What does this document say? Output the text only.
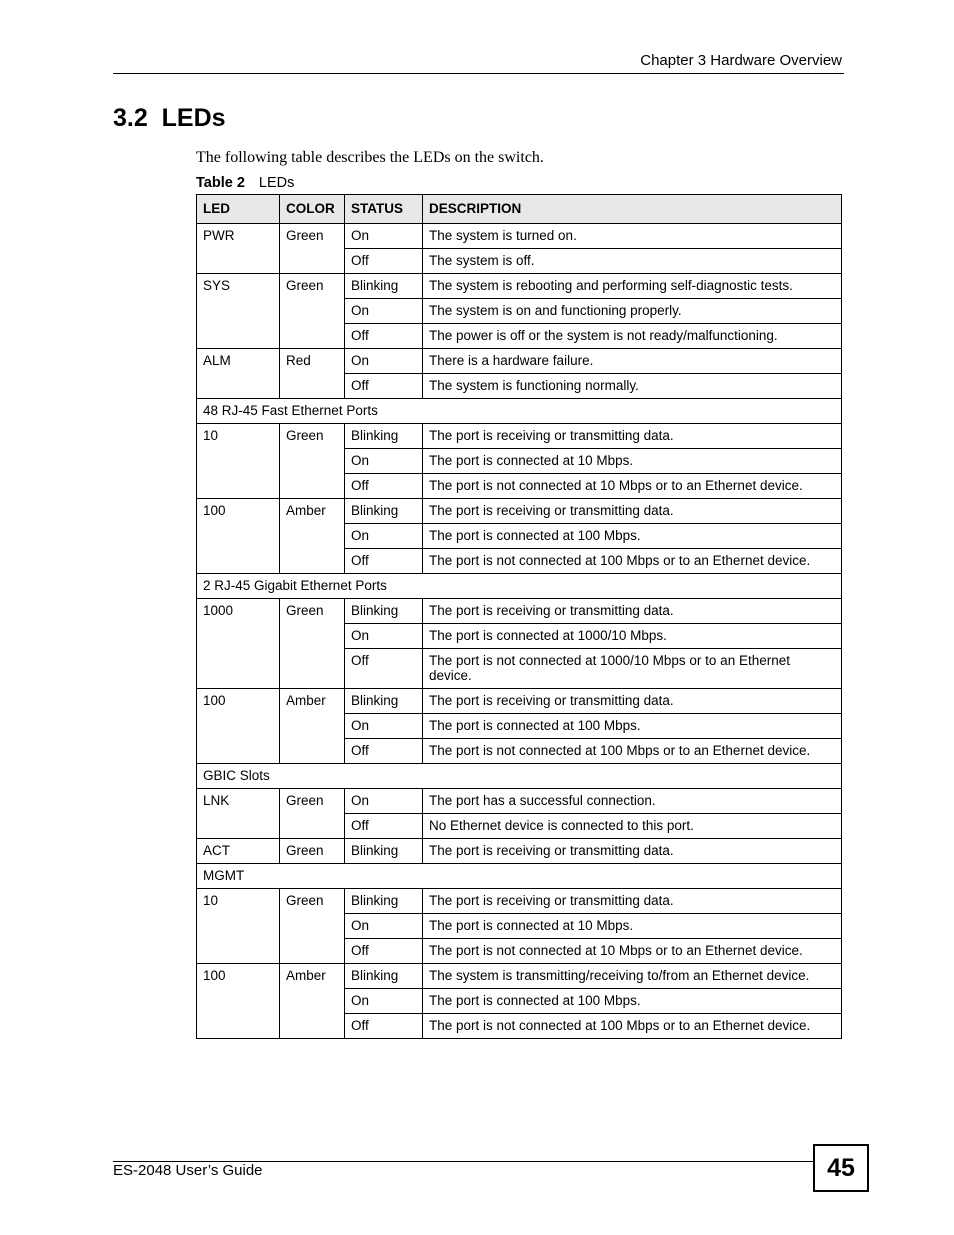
Chapter 3 Hardware Overview
3.2  LEDs

The following table describes the LEDs on the switch.

Table 2 LEDs
LED	COLOR	STATUS	DESCRIPTION
PWR	Green	On	The system is turned on.
		Off	The system is off.
SYS	Green	Blinking	The system is rebooting and performing self-diagnostic tests.
		On	The system is on and functioning properly.
		Off	The power is off or the system is not ready/malfunctioning.
ALM	Red	On	There is a hardware failure.
		Off	The system is functioning normally.
48 RJ-45 Fast Ethernet Ports			
10	Green	Blinking	The port is receiving or transmitting data.
		On	The port is connected at 10 Mbps.
		Off	The port is not connected at 10 Mbps or to an Ethernet device.
100	Amber	Blinking	The port is receiving or transmitting data.
		On	The port is connected at 100 Mbps.
		Off	The port is not connected at 100 Mbps or to an Ethernet device.
2 RJ-45 Gigabit Ethernet Ports			
1000	Green	Blinking	The port is receiving or transmitting data.
		On	The port is connected at 1000/10 Mbps.
		Off	The port is not connected at 1000/10 Mbps or to an Ethernet device.
100	Amber	Blinking	The port is receiving or transmitting data.
		On	The port is connected at 100 Mbps.
		Off	The port is not connected at 100 Mbps or to an Ethernet device.
GBIC Slots			
LNK	Green	On	The port has a successful connection.
		Off	No Ethernet device is connected to this port.
ACT	Green	Blinking	The port is receiving or transmitting data.
MGMT			
10	Green	Blinking	The port is receiving or transmitting data.
		On	The port is connected at 10 Mbps.
		Off	The port is not connected at 10 Mbps or to an Ethernet device.
100	Amber	Blinking	The system is transmitting/receiving to/from an Ethernet device.
		On	The port is connected at 100 Mbps.
		Off	The port is not connected at 100 Mbps or to an Ethernet device.
ES-2048 User’s Guide	45
